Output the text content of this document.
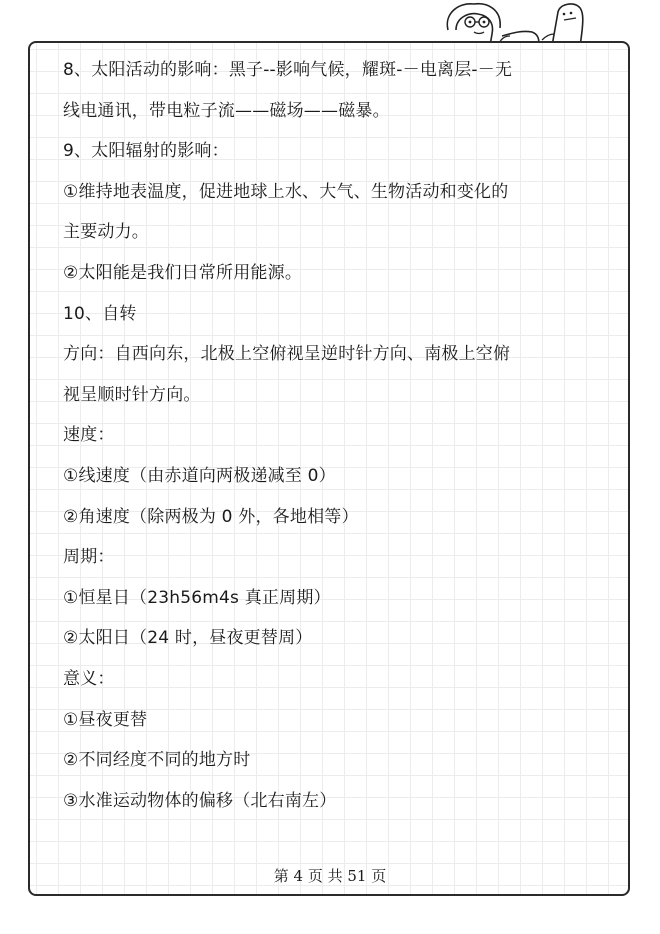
8、太阳活动的影响：黑子--影响气候，耀斑-－电离层-－无
线电通讯，带电粒子流——磁场——磁暴。
9、太阳辐射的影响：
①维持地表温度，促进地球上水、大气、生物活动和变化的
主要动力。
②太阳能是我们日常所用能源。
10、自转
方向：自西向东，北极上空俯视呈逆时针方向、南极上空俯
视呈顺时针方向。
速度：
①线速度（由赤道向两极递减至 0）
②角速度（除两极为 0 外，各地相等）
周期：
①恒星日（23h56m4s 真正周期）
②太阳日（24 时，昼夜更替周）
意义：
①昼夜更替
②不同经度不同的地方时
③水准运动物体的偏移（北右南左）
第 4 页 共 51 页
